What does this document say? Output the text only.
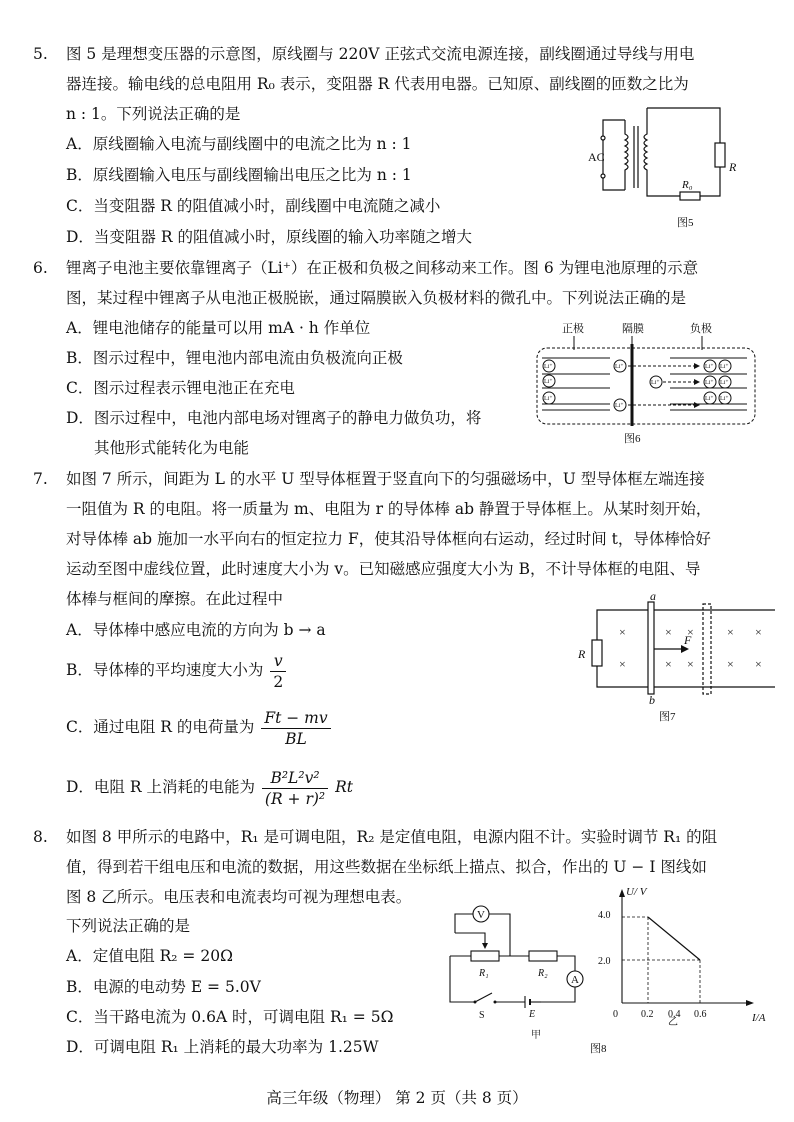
5. 图 5 是理想变压器的示意图，原线圈与 220V 正弦式交流电源连接，副线圈通过导线与用电
器连接。输电线的总电阻用 R₀ 表示，变阻器 R 代表用电器。已知原、副线圈的匝数之比为
n : 1。下列说法正确的是
A．原线圈输入电流与副线圈中的电流之比为 n : 1
B．原线圈输入电压与副线圈输出电压之比为 n : 1
C．当变阻器 R 的阻值减小时，副线圈中电流随之减小
D．当变阻器 R 的阻值减小时，原线圈的输入功率随之增大
AC
R
R₀
图5
6. 锂离子电池主要依靠锂离子（Li⁺）在正极和负极之间移动来工作。图 6 为锂电池原理的示意
图，某过程中锂离子从电池正极脱嵌，通过隔膜嵌入负极材料的微孔中。下列说法正确的是
A．锂电池储存的能量可以用 mA · h 作单位
B．图示过程中，锂电池内部电流由负极流向正极
C．图示过程表示锂电池正在充电
D．图示过程中，电池内部电场对锂离子的静电力做负功，将
其他形式能转化为电能
正极	隔膜	负极
Li⁺
Li⁺
Li⁺
Li⁺
Li⁺
Li⁺
Li⁺ Li⁺
Li⁺ Li⁺
Li⁺ Li⁺
图6
7. 如图 7 所示，间距为 L 的水平 U 型导体框置于竖直向下的匀强磁场中，U 型导体框左端连接
一阻值为 R 的电阻。将一质量为 m、电阻为 r 的导体棒 ab 静置于导体框上。从某时刻开始，
对导体棒 ab 施加一水平向右的恒定拉力 F，使其沿导体框向右运动，经过时间 t，导体棒恰好
运动至图中虚线位置，此时速度大小为 v。已知磁感应强度大小为 B，不计导体框的电阻、导
体棒与框间的摩擦。在此过程中
A．导体棒中感应电流的方向为 b → a
B．导体棒的平均速度大小为 $\frac{v}{2}$
C．通过电阻 R 的电荷量为 $\frac{Ft - mv}{BL}$
D．电阻 R 上消耗的电能为 $\frac{\text{B²L²v²}}{\text{(R + r)²}}$ Rt
a
b
R
F
×
×
×
×
×
×
×
×
×
×
图7
8. 如图 8 甲所示的电路中，R₁ 是可调电阻，R₂ 是定值电阻，电源内阻不计。实验时调节 R₁ 的阻
值，得到若干组电压和电流的数据，用这些数据在坐标纸上描点、拟合，作出的 U − I 图线如
图 8 乙所示。电压表和电流表均可视为理想电表。
下列说法正确的是
A．定值电阻 R₂ = 20Ω
B．电源的电动势 E = 5.0V
C．当干路电流为 0.6A 时，可调电阻 R₁ = 5Ω
D．可调电阻 R₁ 上消耗的最大功率为 1.25W
V
A
R₁	R₂
S	E
甲
图8
U/ V
I/A
0
4.0
2.0
0.2 0.4 0.6
乙
高三年级（物理） 第 2 页（共 8 页）
